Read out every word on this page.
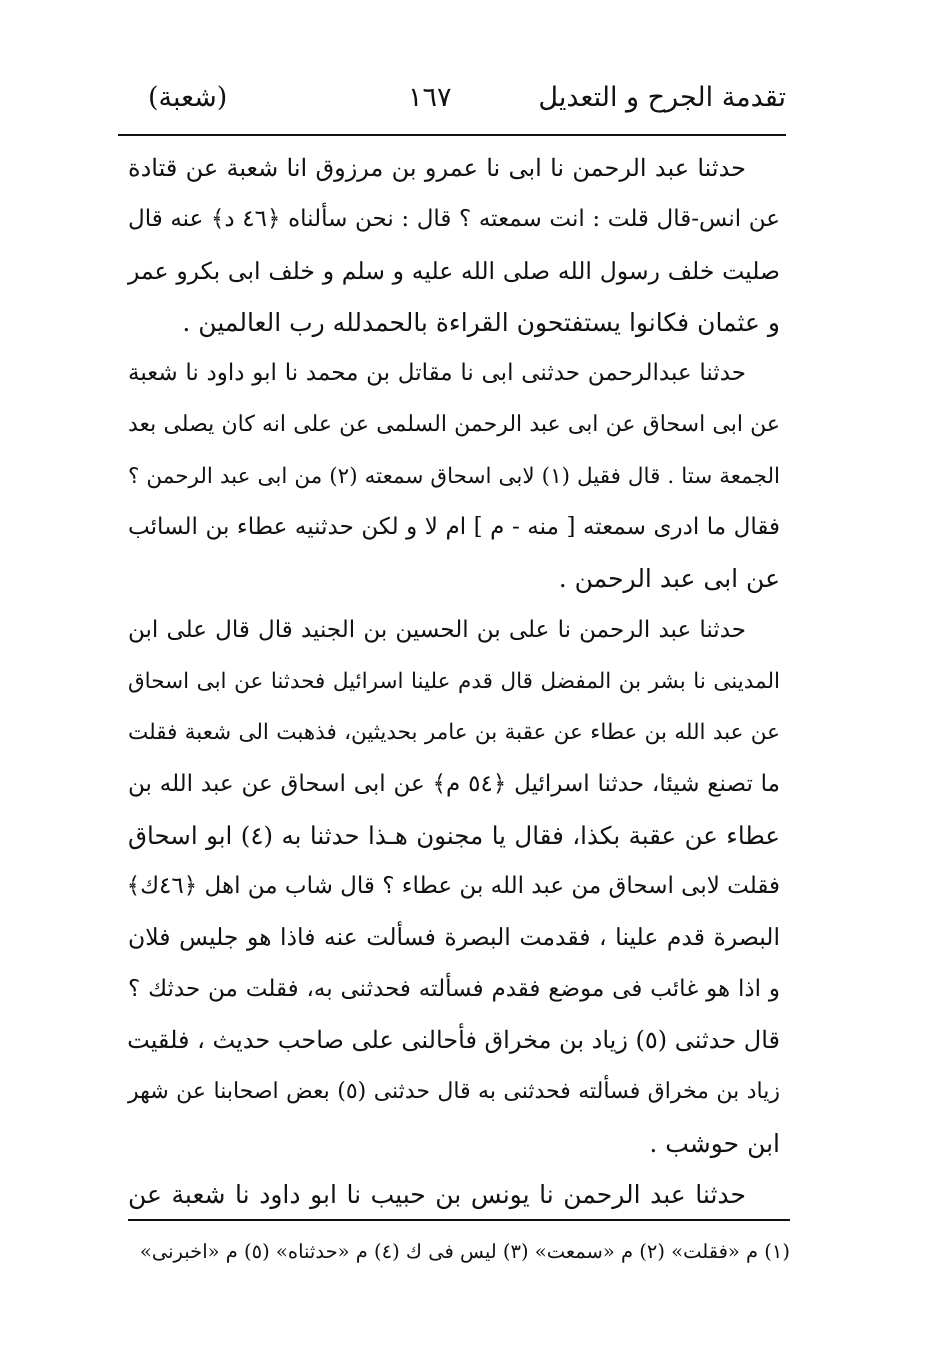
تقدمة الجرح و التعديل
١٦٧
(شعبة)
حدثنا عبد الرحمن نا ابى نا عمرو بن مرزوق انا شعبة عن قتادة
عن انس-قال قلت : انت سمعته ؟ قال : نحن سألناه ﴿٤٦ د﴾ عنه قال
صليت خلف رسول الله صلى الله عليه و سلم و خلف ابى بكرو عمر
و عثمان فكانوا يستفتحون القراءة بالحمدلله رب العالمين .
حدثنا عبدالرحمن حدثنى ابى نا مقاتل بن محمد نا ابو داود نا شعبة
عن ابى اسحاق عن ابى عبد الرحمن السلمى عن على انه كان يصلى بعد
الجمعة ستا . قال فقيل (١) لابى اسحاق سمعته (٢) من ابى عبد الرحمن ؟
فقال ما ادرى سمعته [ منه - م ] ام لا و لكن حدثنيه عطاء بن السائب
عن ابى عبد الرحمن .
حدثنا عبد الرحمن نا على بن الحسين بن الجنيد قال قال على ابن
المدينى نا بشر بن المفضل قال قدم علينا اسرائيل فحدثنا عن ابى اسحاق
عن عبد الله بن عطاء عن عقبة بن عامر بحديثين، فذهبت الى شعبة فقلت
ما تصنع شيئا، حدثنا اسرائيل ﴿٥٤ م﴾ عن ابى اسحاق عن عبد الله بن
عطاء عن عقبة بكذا، فقال يا مجنون هـذا حدثنا به (٤) ابو اسحاق
فقلت لابى اسحاق من عبد الله بن عطاء ؟ قال شاب من اهل ﴿٤٦ك﴾
البصرة قدم علينا ، فقدمت البصرة فسألت عنه فاذا هو جليس فلان
و اذا هو غائب فى موضع فقدم فسألته فحدثنى به، فقلت من حدثك ؟
قال حدثنى (٥) زياد بن مخراق فأحالنى على صاحب حديث ، فلقيت
زياد بن مخراق فسألته فحدثنى به قال حدثنى (٥) بعض اصحابنا عن شهر
ابن حوشب .
حدثنا عبد الرحمن نا يونس بن حبيب نا ابو داود نا شعبة عن
(١) م «فقلت» (٢) م «سمعت» (٣) ليس فى ك (٤) م «حدثناه» (٥) م «اخبرنى»
